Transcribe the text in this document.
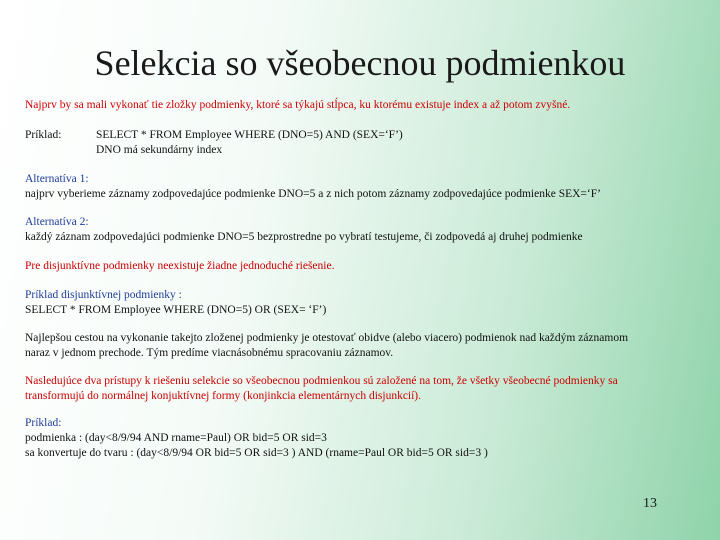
Selekcia so všeobecnou podmienkou
Najprv by sa mali vykonať tie zložky podmienky, ktoré sa týkajú stĺpca, ku ktorému existuje index a až potom zvyšné.
Príklad:	SELECT * FROM Employee WHERE (DNO=5) AND (SEX=‘F’)
DNO má sekundárny index
Alternatíva 1:
najprv vyberieme záznamy zodpovedajúce podmienke DNO=5 a z nich potom záznamy zodpovedajúce podmienke SEX=‘F’
Alternatíva 2:
každý záznam zodpovedajúci podmienke DNO=5 bezprostredne po vybratí testujeme, či zodpovedá aj druhej podmienke
Pre disjunktívne podmienky neexistuje žiadne jednoduché riešenie.
Príklad disjunktívnej podmienky :
SELECT * FROM Employee WHERE (DNO=5) OR (SEX= ‘F’)
Najlepšou cestou na vykonanie takejto zloženej podmienky je otestovať obidve (alebo viacero) podmienok nad každým záznamom
naraz v jednom prechode. Tým predíme viacnásobnému spracovaniu záznamov.
Nasledujúce dva prístupy k riešeniu selekcie so všeobecnou podmienkou sú založené na tom, že všetky všeobecné podmienky sa
transformujú do normálnej konjuktívnej formy (konjinkcia elementárnych disjunkcií).
Príklad:
podmienka : (day<8/9/94 AND rname=Paul) OR bid=5 OR sid=3
sa konvertuje do tvaru : (day<8/9/94 OR bid=5 OR sid=3 ) AND (rname=Paul OR bid=5 OR sid=3 )
13
